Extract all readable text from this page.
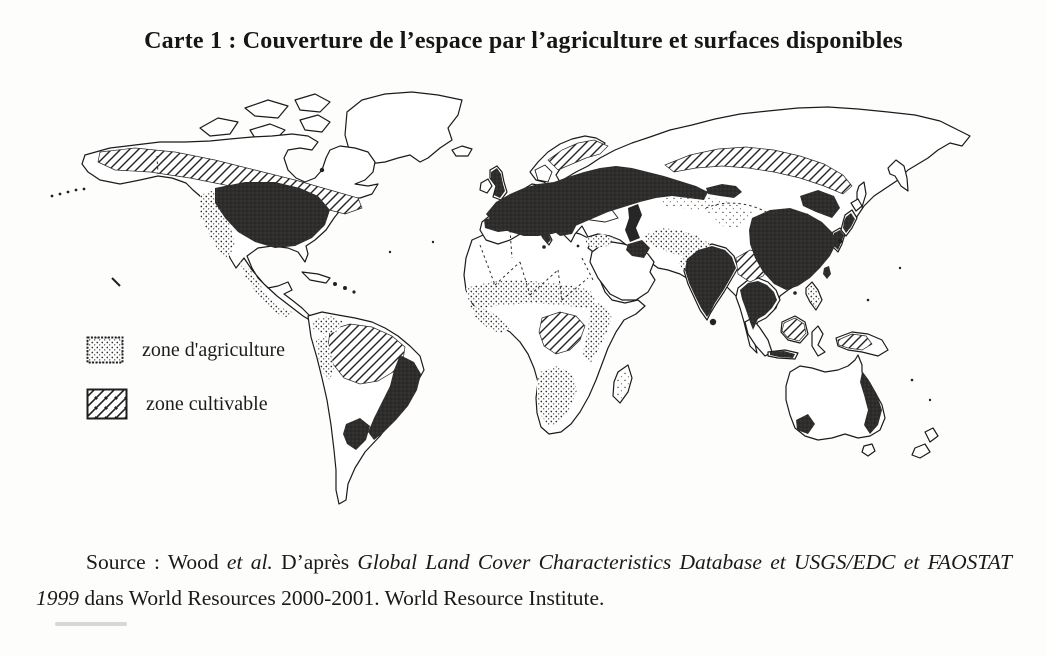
Carte 1 : Couverture de l’espace par l’agriculture et surfaces disponibles
zone d'agriculture
zone cultivable

Source : Wood et al. D’après Global Land Cover Characteristics Database et USGS/EDC et FAOSTAT 1999 dans World Resources 2000-2001. World Resource Institute.
